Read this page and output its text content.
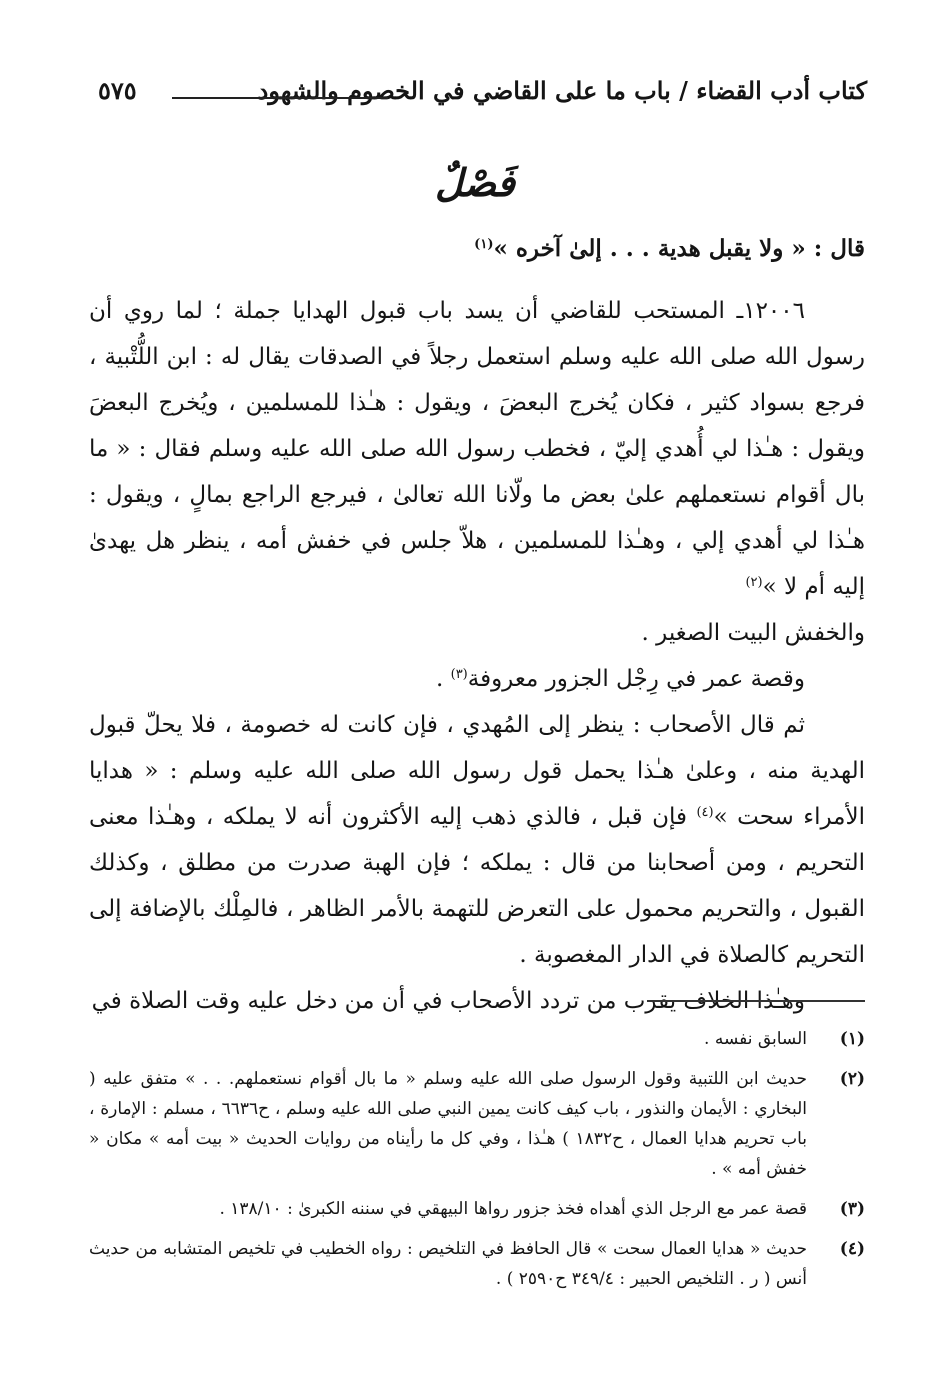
كتاب أدب القضاء / باب ما على القاضي في الخصوم والشهود
٥٧٥
فَصْلٌ

قال : « ولا يقبل هدية . . . إلىٰ آخره »$^{(١)}$

١٢٠٠٦ـ المستحب للقاضي أن يسد باب قبول الهدايا جملة ؛ لما روي أن رسول الله صلى الله عليه وسلم استعمل رجلاً في الصدقات يقال له : ابن اللُّتْبية ، فرجع بسواد كثير ، فكان يُخرج البعضَ ، ويقول : هـٰذا للمسلمين ، ويُخرج البعضَ ويقول : هـٰذا لي أُهدي إليّ ، فخطب رسول الله صلى الله عليه وسلم فقال : « ما بال أقوام نستعملهم علىٰ بعض ما ولّانا الله تعالىٰ ، فيرجع الراجع بمالٍ ، ويقول : هـٰذا لي أهدي إلي ، وهـٰذا للمسلمين ، هلاّ جلس في خفش أمه ، ينظر هل يهدىٰ إليه أم لا »$^{(٢)}$

والخفش البيت الصغير .

وقصة عمر في رِجْل الجزور معروفة$^{(٣)}$ .

ثم قال الأصحاب : ينظر إلى المُهدي ، فإن كانت له خصومة ، فلا يحلّ قبول الهدية منه ، وعلىٰ هـٰذا يحمل قول رسول الله صلى الله عليه وسلم : « هدايا الأمراء سحت »$^{(٤)}$ فإن قبل ، فالذي ذهب إليه الأكثرون أنه لا يملكه ، وهـٰذا معنى التحريم ، ومن أصحابنا من قال : يملكه ؛ فإن الهبة صدرت من مطلق ، وكذلك القبول ، والتحريم محمول على التعرض للتهمة بالأمر الظاهر ، فالمِلْك بالإضافة إلى التحريم كالصلاة في الدار المغصوبة .

وهـٰذا الخلاف يقرب من تردد الأصحاب في أن من دخل عليه وقت الصلاة في

(١)
السابق نفسه .
(٢)
حديث ابن اللتبية وقول الرسول صلى الله عليه وسلم « ما بال أقوام نستعملهم. . . » متفق عليه ( البخاري : الأيمان والنذور ، باب كيف كانت يمين النبي صلى الله عليه وسلم ، ح٦٦٣٦ ، مسلم : الإمارة ، باب تحريم هدايا العمال ، ح١٨٣٢ ) هـٰذا ، وفي كل ما رأيناه من روايات الحديث « بيت أمه » مكان « خفش أمه » .
(٣)
قصة عمر مع الرجل الذي أهداه فخذ جزور رواها البيهقي في سننه الكبرىٰ : ١٣٨/١٠ .
(٤)
حديث « هدايا العمال سحت » قال الحافظ في التلخيص : رواه الخطيب في تلخيص المتشابه من حديث أنس ( ر . التلخيص الحبير : ٣٤٩/٤ ح٢٥٩٠ ) .
